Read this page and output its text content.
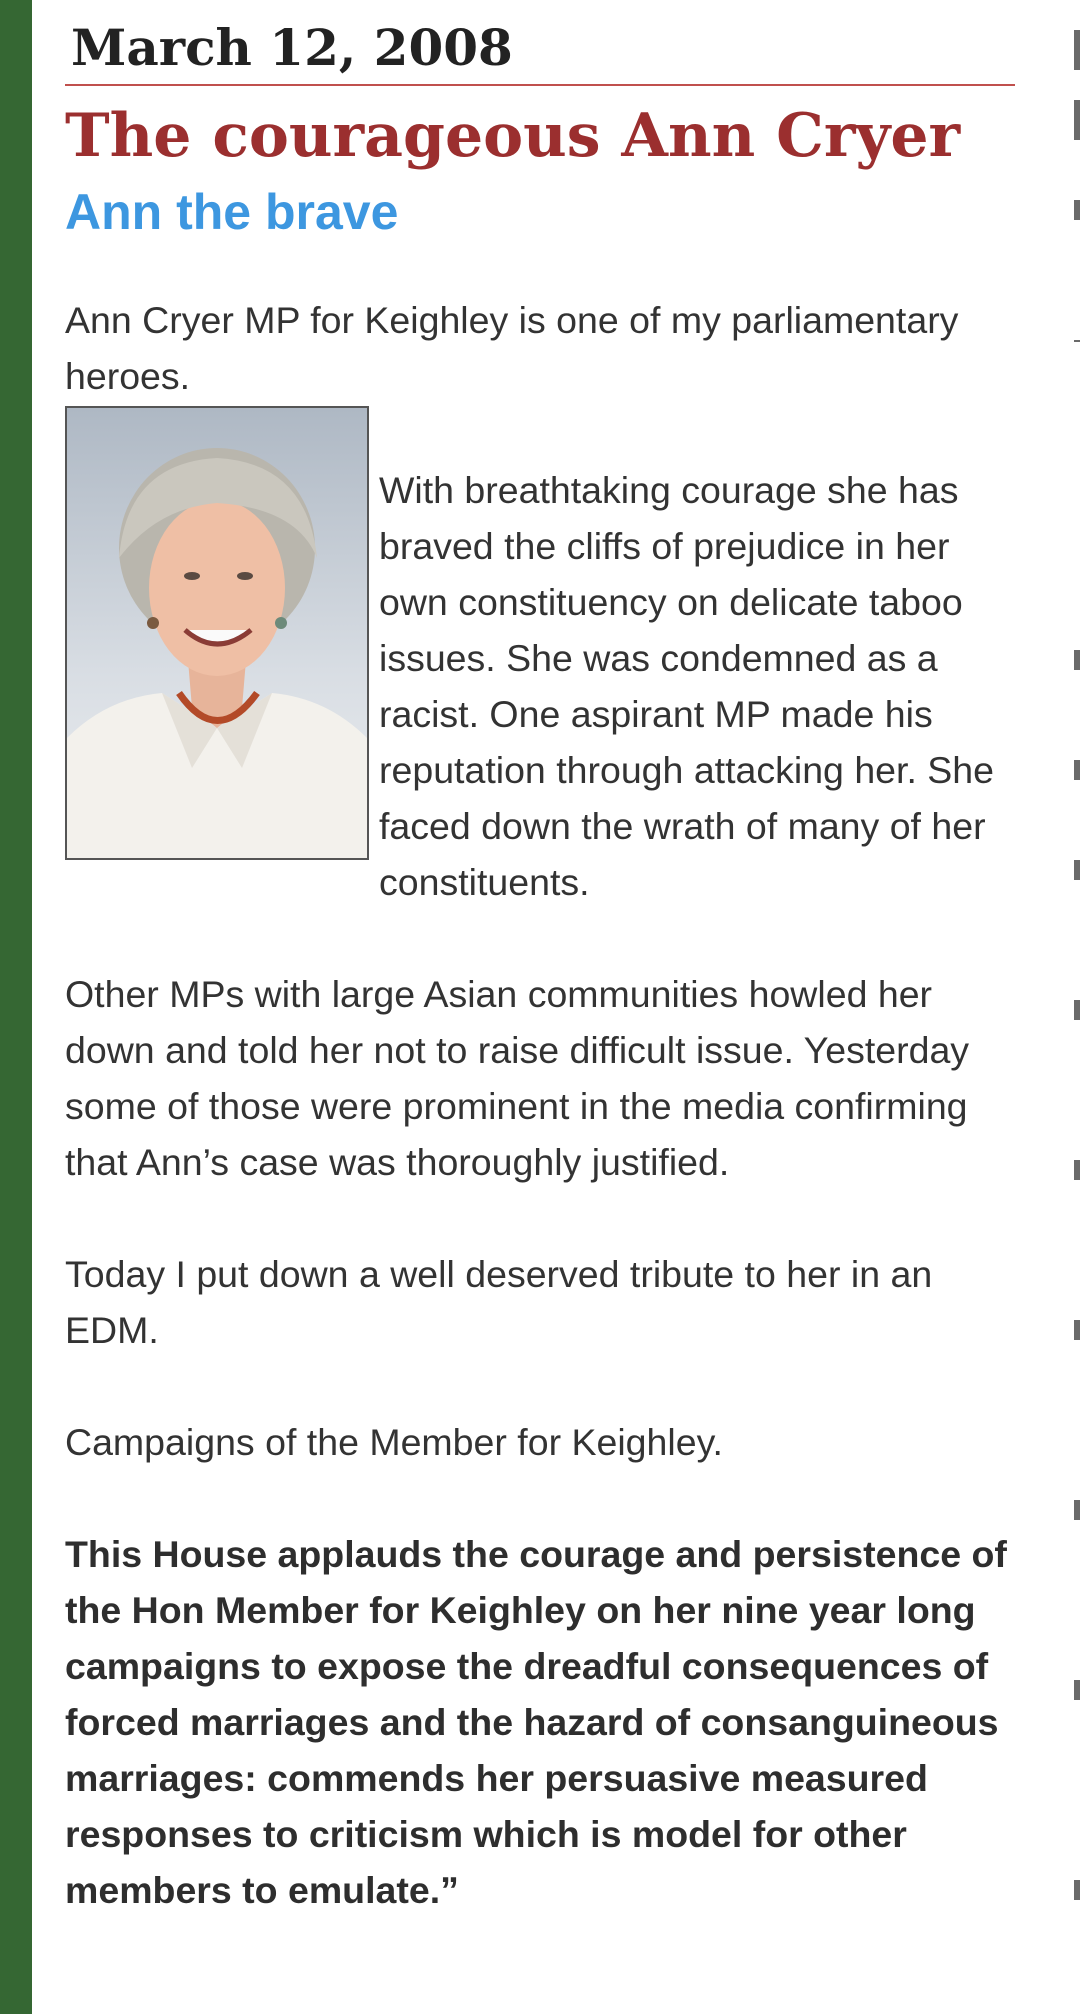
March 12, 2008
The courageous Ann Cryer
Ann the brave

Ann Cryer MP for Keighley is one of my parliamentary heroes.

With breathtaking courage she has braved the cliffs of prejudice in her own constituency on delicate taboo issues. She was condemned as a racist. One aspirant MP made his reputation through attacking her. She faced down the wrath of many of her constituents.

Other MPs with large Asian communities howled her down and told her not to raise difficult issue. Yesterday some of those were prominent in the media confirming that Ann’s case was thoroughly justified.

Today I put down a well deserved tribute to her in an EDM.

Campaigns of the Member for Keighley.

This House applauds the courage and persistence of the Hon Member for Keighley on her nine year long campaigns to expose the dreadful consequences of forced marriages and the hazard of consanguineous marriages: commends her persuasive measured responses to criticism which is model for other members to emulate.”
